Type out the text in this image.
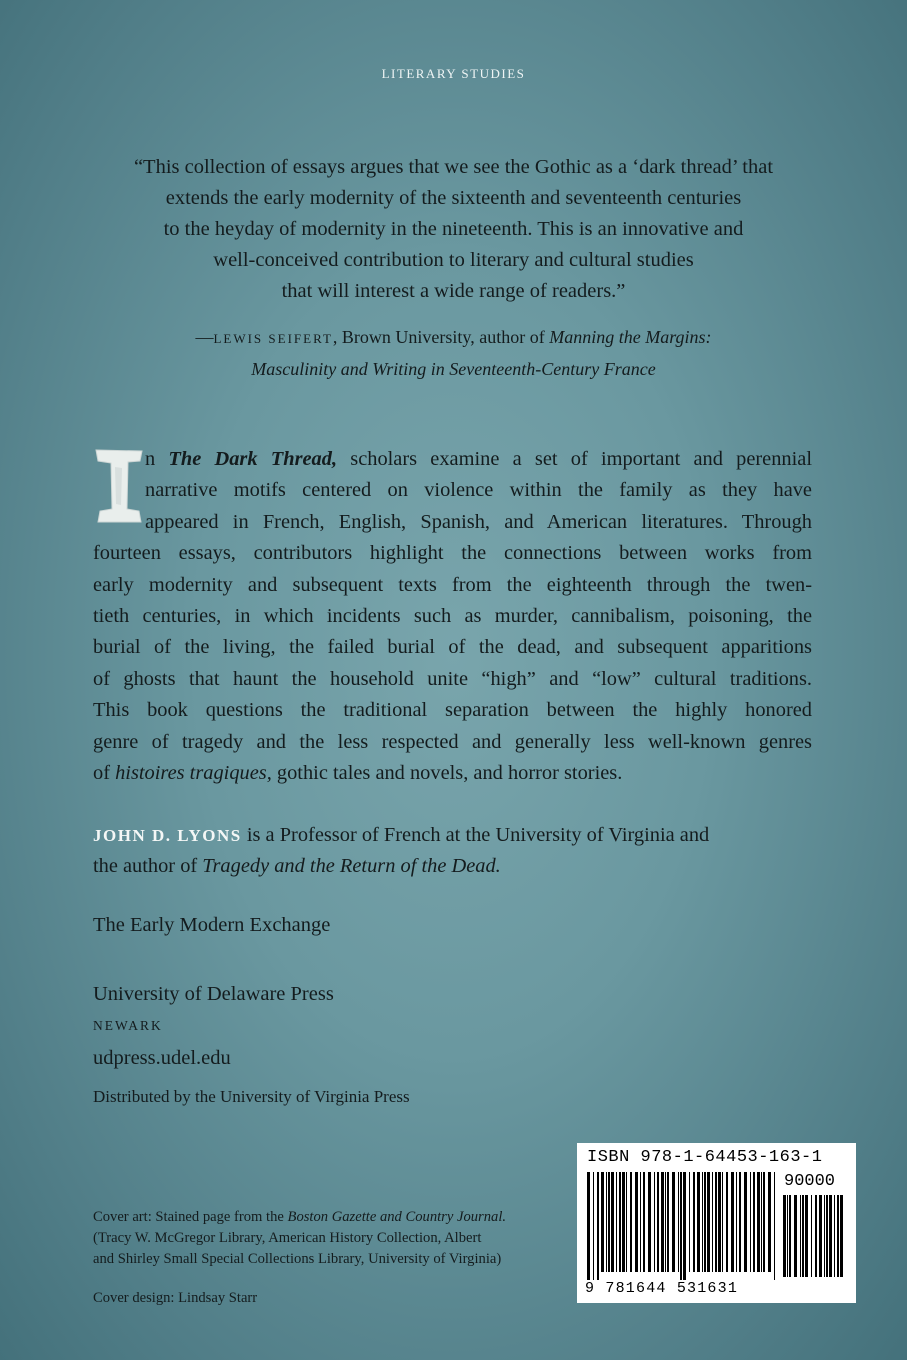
LITERARY STUDIES

“This collection of essays argues that we see the Gothic as a ‘dark thread’ that

extends the early modernity of the sixteenth and seventeenth centuries

to the heyday of modernity in the nineteenth. This is an innovative and

well-conceived contribution to literary and cultural studies

that will interest a wide range of readers.”

—LEWIS SEIFERT, Brown University, author of Manning the Margins:
Masculinity and Writing in Seventeenth-Century France
I
n The Dark Thread, scholars examine a set of important and perennial
narrative motifs centered on violence within the family as they have
appeared in French, English, Spanish, and American literatures. Through
fourteen essays, contributors highlight the connections between works from
early modernity and subsequent texts from the eighteenth through the twen-
tieth centuries, in which incidents such as murder, cannibalism, poisoning, the
burial of the living, the failed burial of the dead, and subsequent apparitions
of ghosts that haunt the household unite “high” and “low” cultural traditions.
This book questions the traditional separation between the highly honored
genre of tragedy and the less respected and generally less well-known genres
of histoires tragiques, gothic tales and novels, and horror stories.
JOHN D. LYONS is a Professor of French at the University of Virginia and
the author of Tragedy and the Return of the Dead.
The Early Modern Exchange
University of Delaware Press
NEWARK
udpress.udel.edu
Distributed by the University of Virginia Press
Cover art: Stained page from the Boston Gazette and Country Journal.
(Tracy W. McGregor Library, American History Collection, Albert
and Shirley Small Special Collections Library, University of Virginia)
Cover design: Lindsay Starr
ISBN 978-1-64453-163-1
90000
9 781644 531631
